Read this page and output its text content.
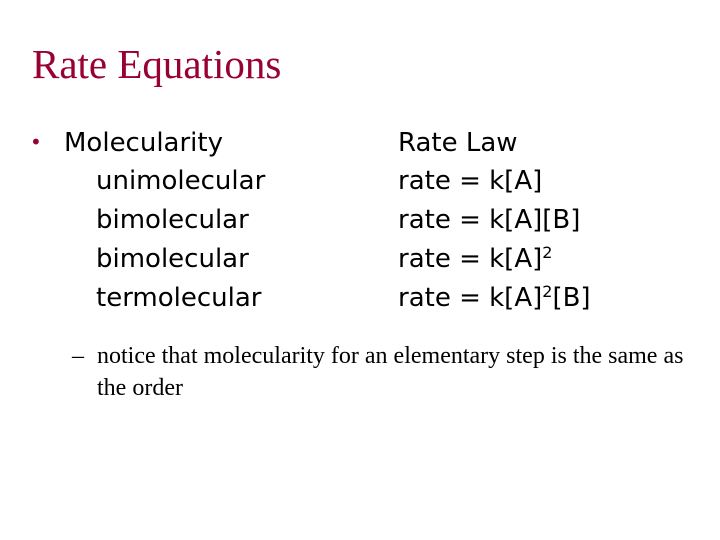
Rate Equations
• Molecularity
unimolecular
bimolecular
bimolecular
termolecular
Rate Law
rate = k[A]
rate = k[A][B]
rate = $k[A]^2$
rate = $k[A]^2[B]$
– notice that molecularity for an elementary step is the same as the order
